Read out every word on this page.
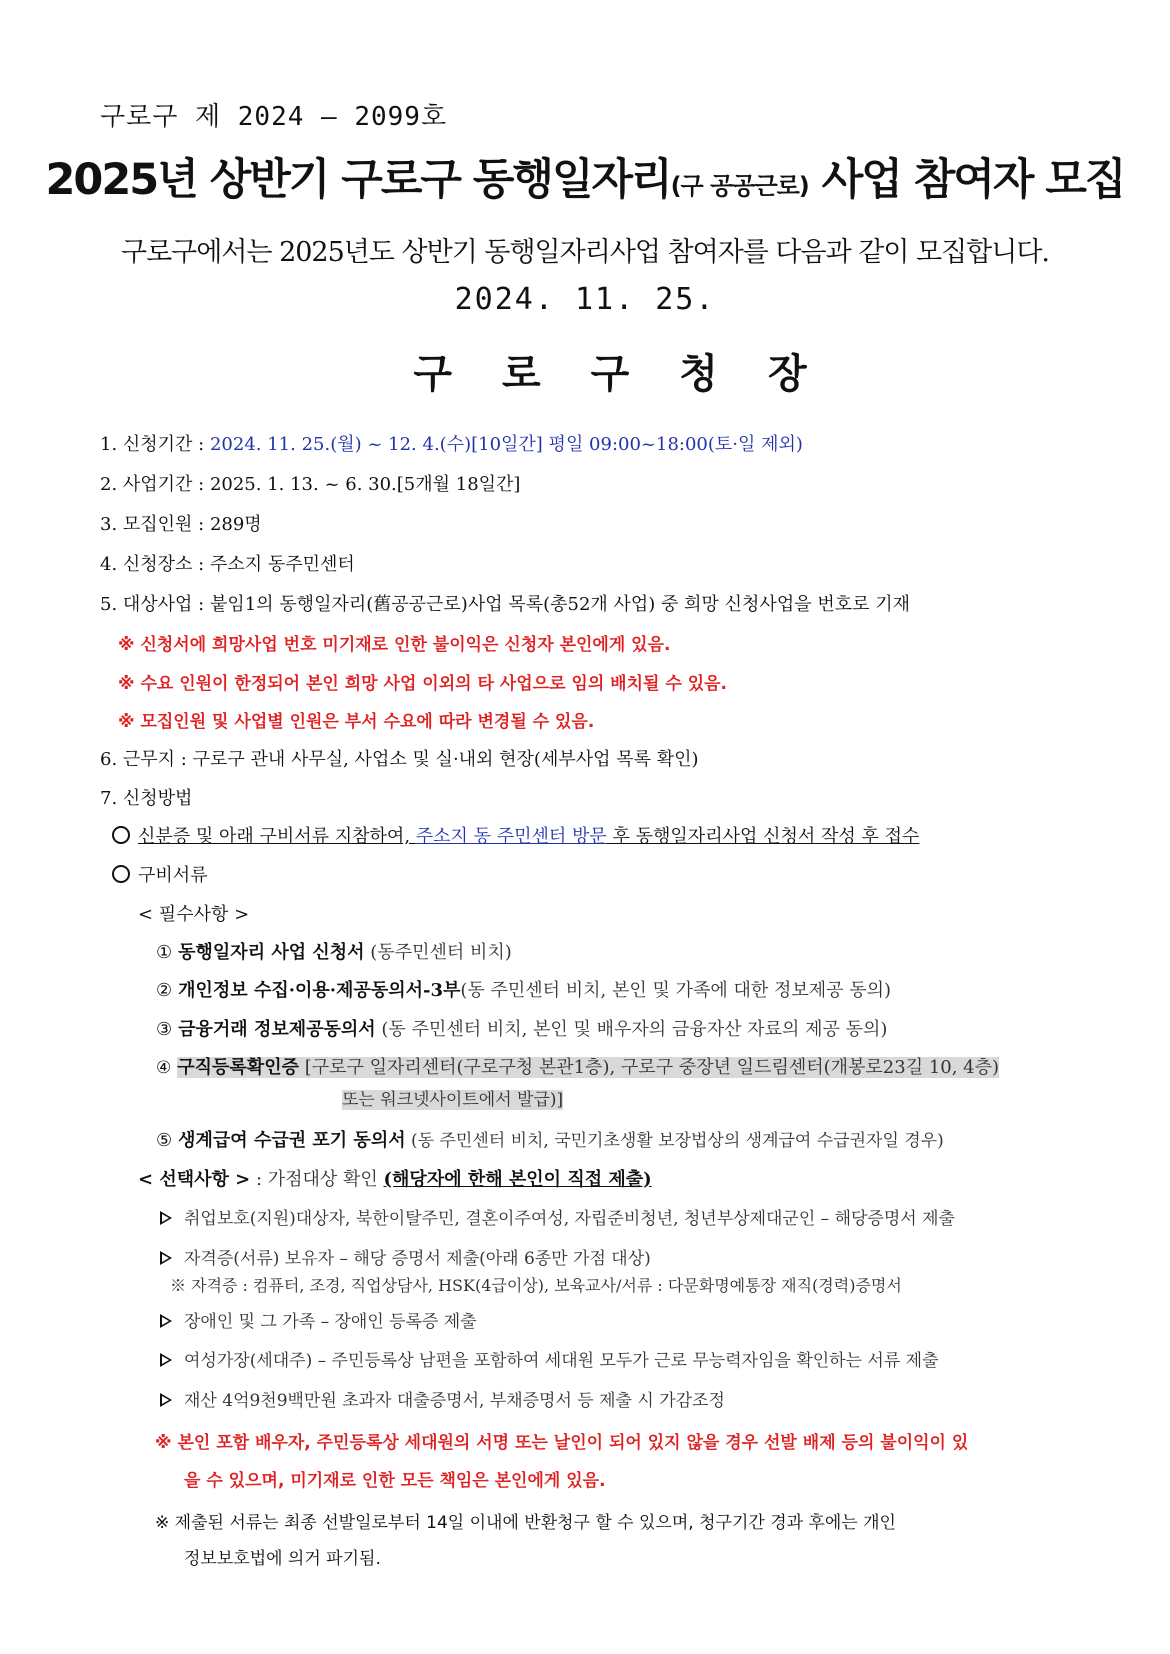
구로구 제 2024 – 2099호
2025년 상반기 구로구 동행일자리(구 공공근로) 사업 참여자 모집
구로구에서는 2025년도 상반기 동행일자리사업 참여자를 다음과 같이 모집합니다.
2024. 11. 25.
구로구청장
1. 신청기간 : 2024. 11. 25.(월) ~ 12. 4.(수)[10일간] 평일 09:00~18:00(토·일 제외)
2. 사업기간 : 2025. 1. 13. ~ 6. 30.[5개월 18일간]
3. 모집인원 : 289명
4. 신청장소 : 주소지 동주민센터
5. 대상사업 : 붙임1의 동행일자리(舊공공근로)사업 목록(총52개 사업) 중 희망 신청사업을 번호로 기재
※ 신청서에 희망사업 번호 미기재로 인한 불이익은 신청자 본인에게 있음.
※ 수요 인원이 한정되어 본인 희망 사업 이외의 타 사업으로 임의 배치될 수 있음.
※ 모집인원 및 사업별 인원은 부서 수요에 따라 변경될 수 있음.
6. 근무지 : 구로구 관내 사무실, 사업소 및 실·내외 현장(세부사업 목록 확인)
7. 신청방법
신분증 및 아래 구비서류 지참하여, 주소지 동 주민센터 방문 후 동행일자리사업 신청서 작성 후 접수
구비서류
< 필수사항 >
① 동행일자리 사업 신청서 (동주민센터 비치)
② 개인정보 수집·이용·제공동의서-3부(동 주민센터 비치, 본인 및 가족에 대한 정보제공 동의)
③ 금융거래 정보제공동의서 (동 주민센터 비치, 본인 및 배우자의 금융자산 자료의 제공 동의)
④ 구직등록확인증 [구로구 일자리센터(구로구청 본관1층), 구로구 중장년 일드림센터(개봉로23길 10, 4층)
또는 워크넷사이트에서 발급)]
⑤ 생계급여 수급권 포기 동의서 (동 주민센터 비치, 국민기초생활 보장법상의 생계급여 수급권자일 경우)
< 선택사항 > : 가점대상 확인 (해당자에 한해 본인이 직접 제출)
취업보호(지원)대상자, 북한이탈주민, 결혼이주여성, 자립준비청년, 청년부상제대군인 – 해당증명서 제출
자격증(서류) 보유자 – 해당 증명서 제출(아래 6종만 가점 대상)
※ 자격증 : 컴퓨터, 조경, 직업상담사, HSK(4급이상), 보육교사/서류 : 다문화명예통장 재직(경력)증명서
장애인 및 그 가족 – 장애인 등록증 제출
여성가장(세대주) – 주민등록상 남편을 포함하여 세대원 모두가 근로 무능력자임을 확인하는 서류 제출
재산 4억9천9백만원 초과자 대출증명서, 부채증명서 등 제출 시 가감조정
※ 본인 포함 배우자, 주민등록상 세대원의 서명 또는 날인이 되어 있지 않을 경우 선발 배제 등의 불이익이 있
을 수 있으며, 미기재로 인한 모든 책임은 본인에게 있음.
※ 제출된 서류는 최종 선발일로부터 14일 이내에 반환청구 할 수 있으며, 청구기간 경과 후에는 개인
정보보호법에 의거 파기됨.
